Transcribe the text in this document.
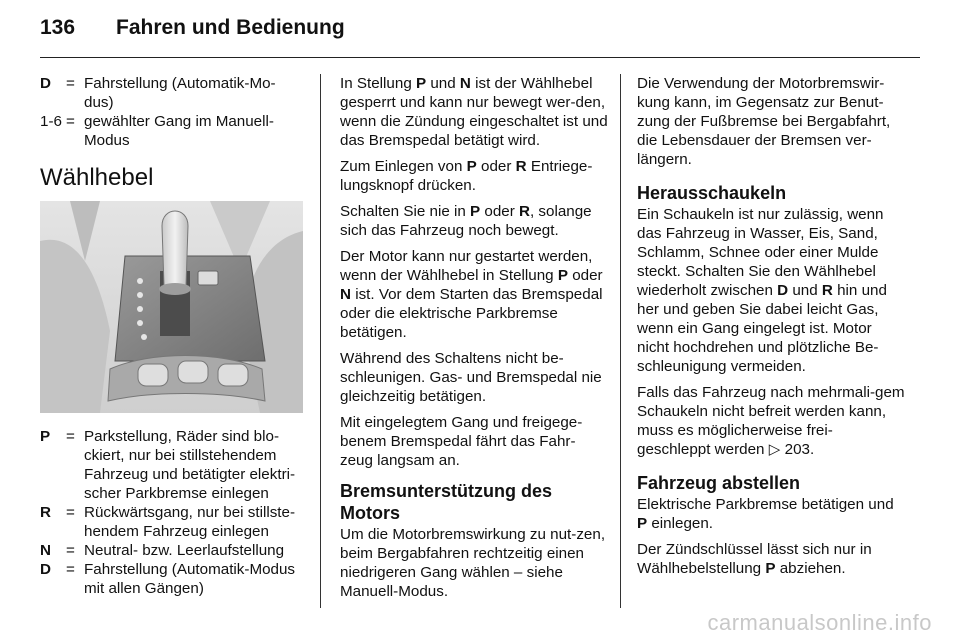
136 Fahren und Bedienung
D = Fahrstellung (Automatik-Mo-dus)
1-6 = gewählter Gang im Manuell-Modus
Wählhebel
P	= Parkstellung, Räder sind blo-ckiert, nur bei stillstehendem Fahrzeug und betätigter elektri-scher Parkbremse einlegen
R = Rückwärtsgang, nur bei stillste-hendem Fahrzeug einlegen
N = Neutral- bzw. Leerlaufstellung
D = Fahrstellung (Automatik-Modus mit allen Gängen)

In Stellung P und N ist der Wählhebel gesperrt und kann nur bewegt wer-den, wenn die Zündung eingeschaltet ist und das Bremspedal betätigt wird.

Zum Einlegen von P oder R Entriege-lungsknopf drücken.

Schalten Sie nie in P oder R, solange sich das Fahrzeug noch bewegt.

Der Motor kann nur gestartet werden, wenn der Wählhebel in Stellung P oder N ist. Vor dem Starten das Bremspedal oder die elektrische Parkbremse betätigen.

Während des Schaltens nicht be-schleunigen. Gas- und Bremspedal nie gleichzeitig betätigen.

Mit eingelegtem Gang und freigege-benem Bremspedal fährt das Fahr-zeug langsam an.

Bremsunterstützung des Motors

Um die Motorbremswirkung zu nut-zen, beim Bergabfahren rechtzeitig einen niedrigeren Gang wählen – siehe Manuell-Modus.

Die Verwendung der Motorbremswir-kung kann, im Gegensatz zur Benut-zung der Fußbremse bei Bergabfahrt, die Lebensdauer der Bremsen ver-längern.

Herausschaukeln

Ein Schaukeln ist nur zulässig, wenn das Fahrzeug in Wasser, Eis, Sand, Schlamm, Schnee oder einer Mulde steckt. Schalten Sie den Wählhebel wiederholt zwischen D und R hin und her und geben Sie dabei leicht Gas, wenn ein Gang eingelegt ist. Motor nicht hochdrehen und plötzliche Be-schleunigung vermeiden.

Falls das Fahrzeug nach mehrmali-gem Schaukeln nicht befreit werden kann, muss es möglicherweise frei-geschleppt werden ▷ 203.

Fahrzeug abstellen

Elektrische Parkbremse betätigen und P einlegen.

Der Zündschlüssel lässt sich nur in Wählhebelstellung P abziehen.

carmanualsonline.info
